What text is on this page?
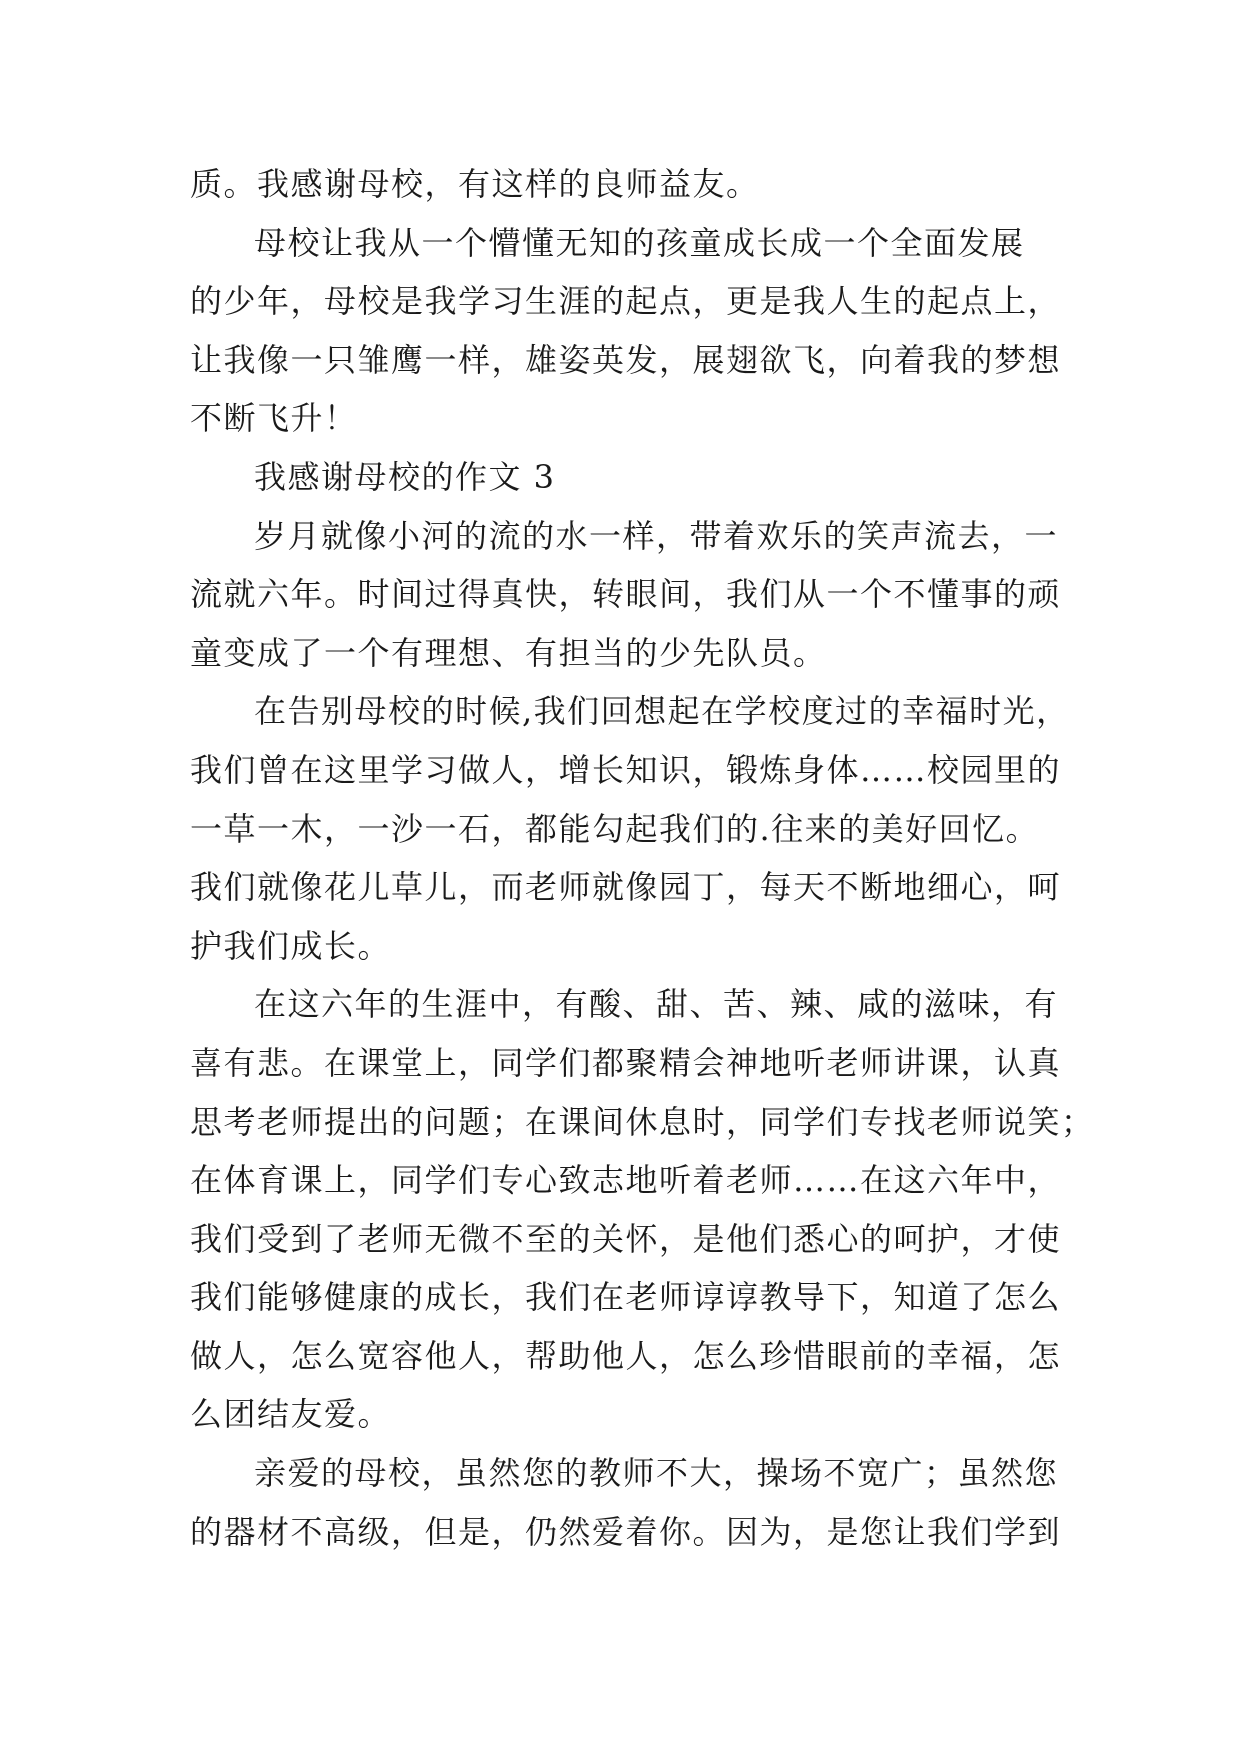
质。我感谢母校，有这样的良师益友。
母校让我从一个懵懂无知的孩童成长成一个全面发展
的少年，母校是我学习生涯的起点，更是我人生的起点上，
让我像一只雏鹰一样，雄姿英发，展翅欲飞，向着我的梦想
不断飞升！
我感谢母校的作文 3
岁月就像小河的流的水一样，带着欢乐的笑声流去，一
流就六年。时间过得真快，转眼间，我们从一个不懂事的顽
童变成了一个有理想、有担当的少先队员。
在告别母校的时候,我们回想起在学校度过的幸福时光，
我们曾在这里学习做人，增长知识，锻炼身体……校园里的
一草一木，一沙一石，都能勾起我们的.往来的美好回忆。
我们就像花儿草儿，而老师就像园丁，每天不断地细心，呵
护我们成长。
在这六年的生涯中，有酸、甜、苦、辣、咸的滋味，有
喜有悲。在课堂上，同学们都聚精会神地听老师讲课，认真
思考老师提出的问题；在课间休息时，同学们专找老师说笑；
在体育课上，同学们专心致志地听着老师……在这六年中，
我们受到了老师无微不至的关怀，是他们悉心的呵护，才使
我们能够健康的成长，我们在老师谆谆教导下，知道了怎么
做人，怎么宽容他人，帮助他人，怎么珍惜眼前的幸福，怎
么团结友爱。
亲爱的母校，虽然您的教师不大，操场不宽广；虽然您
的器材不高级，但是，仍然爱着你。因为，是您让我们学到
